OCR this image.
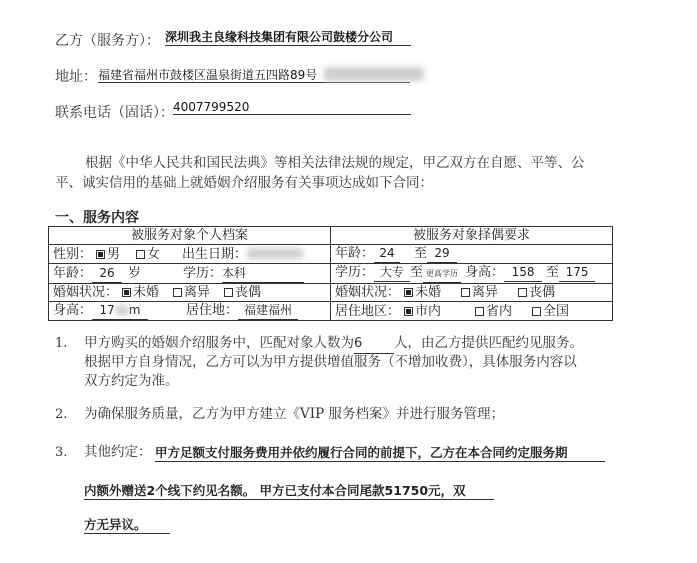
乙方（服务方）： 深圳我主良缘科技集团有限公司鼓楼分公司
地址： 福建省福州市鼓楼区温泉街道五四路89号
联系电话（固话）： 4007799520
根据《中华人民共和国民法典》等相关法律法规的规定，甲乙双方在自愿、平等、公
平、诚实信用的基础上就婚姻介绍服务有关事项达成如下合同：
一、服务内容
被服务对象个人档案	被服务对象择偶要求
性别： 男 女 出生日期：	年龄： 24 至 29
年龄： 26 岁 学历：本科	学历： 大专 至 更高学历 身高： 158 至 175
婚姻状况： 未婚 离异 丧偶	婚姻状况： 未婚 离异 丧偶
身高： 17 m 居住地： 福建福州	居住地区： 市内 省内 全国
1. 甲方购买的婚姻介绍服务中，匹配对象人数为6 人，由乙方提供匹配约见服务。
根据甲方自身情况，乙方可以为甲方提供增值服务（不增加收费），具体服务内容以
双方约定为准。
2. 为确保服务质量，乙方为甲方建立《VIP 服务档案》并进行服务管理；
3. 其他约定： 甲方足额支付服务费用并依约履行合同的前提下，乙方在本合同约定服务期
内额外赠送2个线下约见名额。 甲方已支付本合同尾款51750元，双
方无异议。
